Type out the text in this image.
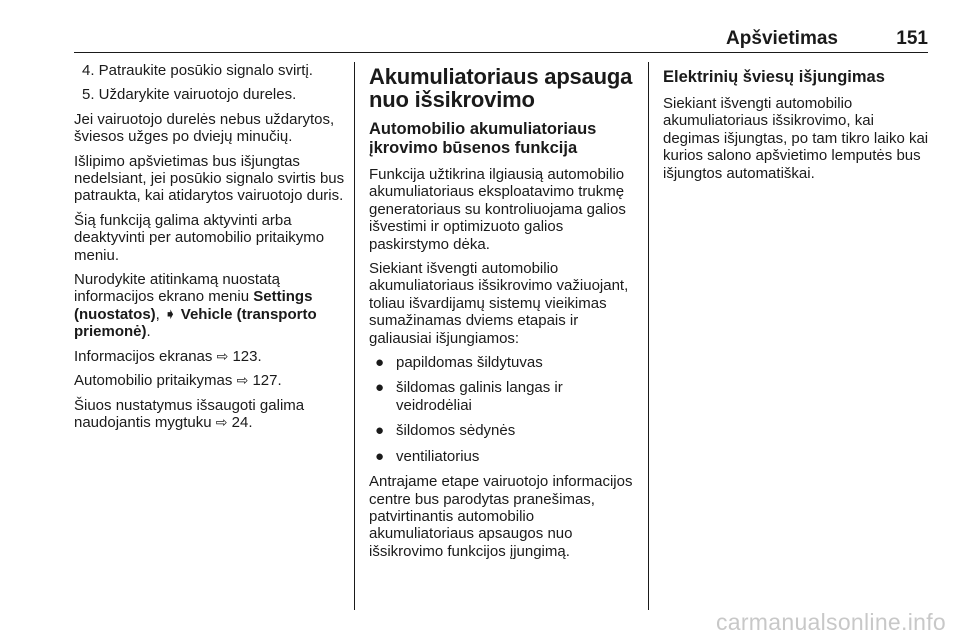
Apšvietimas	151

4. Patraukite posūkio signalo svirtį.

5. Uždarykite vairuotojo dureles.

Jei vairuotojo durelės nebus uždarytos, šviesos užges po dviejų minučių.

Išlipimo apšvietimas bus išjungtas nedelsiant, jei posūkio signalo svirtis bus patraukta, kai atidarytos vairuotojo duris.

Šią funkciją galima aktyvinti arba deaktyvinti per automobilio pritaikymo meniu.

Nurodykite atitinkamą nuostatą informacijos ekrano meniu Settings (nuostatos), ➧ Vehicle (transporto priemonė).

Informacijos ekranas ⇨ 123.

Automobilio pritaikymas ⇨ 127.

Šiuos nustatymus išsaugoti galima naudojantis mygtuku ⇨ 24.

Akumuliatoriaus apsauga nuo išsikrovimo
Automobilio akumuliatoriaus įkrovimo būsenos funkcija

Funkcija užtikrina ilgiausią automobilio akumuliatoriaus eksploatavimo trukmę generatoriaus su kontroliuojama galios išvestimi ir optimizuoto galios paskirstymo dėka.

Siekiant išvengti automobilio akumuliatoriaus išsikrovimo važiuojant, toliau išvardijamų sistemų vieikimas sumažinamas dviems etapais ir galiausiai išjungiamos:

● papildomas šildytuvas
● šildomas galinis langas ir veidrodėliai
● šildomos sėdynės
● ventiliatorius

Antrajame etape vairuotojo informacijos centre bus parodytas pranešimas, patvirtinantis automobilio akumuliatoriaus apsaugos nuo išsikrovimo funkcijos įjungimą.

Elektrinių šviesų išjungimas

Siekiant išvengti automobilio akumuliatoriaus išsikrovimo, kai degimas išjungtas, po tam tikro laiko kai kurios salono apšvietimo lemputės bus išjungtos automatiškai.

carmanualsonline.info
